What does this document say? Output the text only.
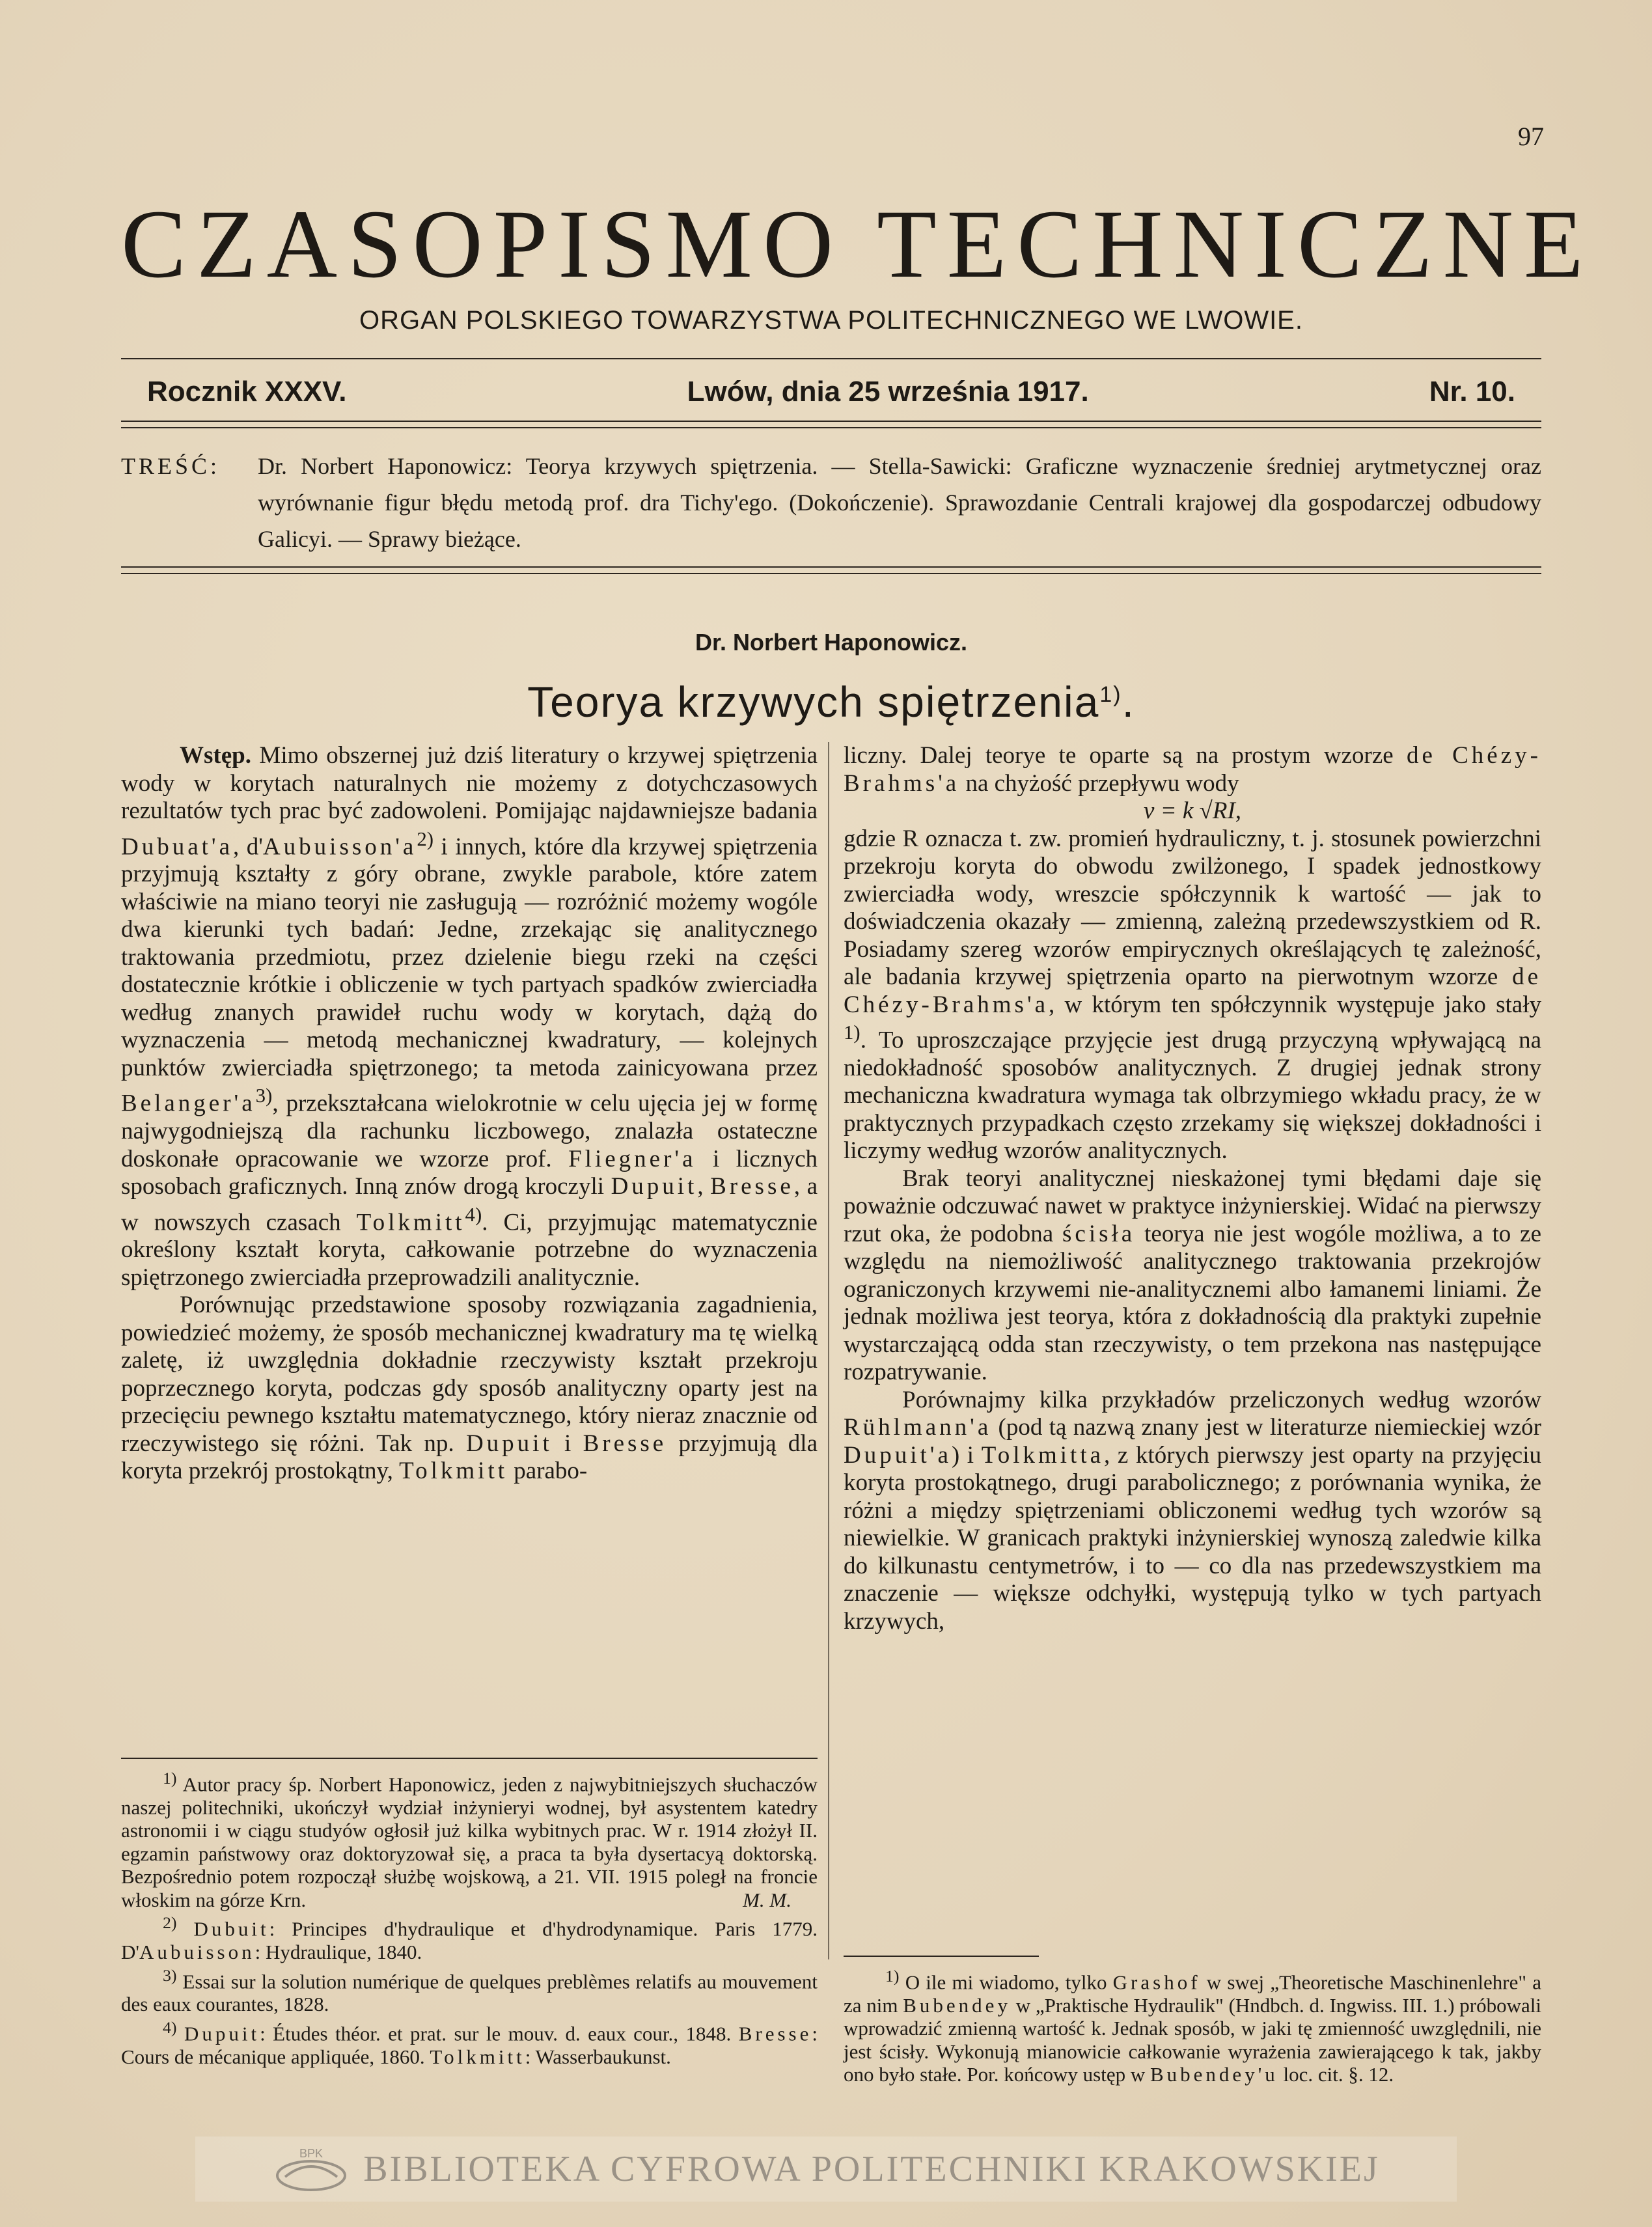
97
CZASOPISMO TECHNICZNE
ORGAN POLSKIEGO TOWARZYSTWA POLITECHNICZNEGO WE LWOWIE.
Rocznik XXXV.	Lwów, dnia 25 września 1917.	Nr. 10.
TREŚĆ: Dr. Norbert Haponowicz: Teorya krzywych spiętrzenia. — Stella-Sawicki: Graficzne wyznaczenie średniej arytmetycznej oraz wyrównanie figur błędu metodą prof. dra Tichy'ego. (Dokończenie). Sprawozdanie Centrali krajowej dla gospodarczej odbudowy Galicyi. — Sprawy bieżące.
Dr. Norbert Haponowicz.
Teorya krzywych spiętrzenia$^{1)}$.

Wstęp. Mimo obszernej już dziś literatury o krzywej spiętrzenia wody w korytach naturalnych nie możemy z dotychczasowych rezultatów tych prac być zadowoleni. Pomijając najdawniejsze badania Dubuat'a, $d'Aubuisson'a^{2)}$ i innych, które dla krzywej spiętrzenia przyjmują kształty z góry obrane, zwykle parabole, które zatem właściwie na miano teoryi nie zasługują — rozróżnić możemy wogóle dwa kierunki tych badań: Jedne, zrzekając się analitycznego traktowania przedmiotu, przez dzielenie biegu rzeki na części dostatecznie krótkie i obliczenie w tych partyach spadków zwierciadła według znanych prawideł ruchu wody w korytach, dążą do wyznaczenia — metodą mechanicznej kwadratury, — kolejnych punktów zwierciadła spiętrzonego; ta metoda zainicyowana przez $Belanger'a^{3)}$, przekształcana wielokrotnie w celu ujęcia jej w formę najwygodniejszą dla rachunku liczbowego, znalazła ostateczne doskonałe opracowanie we wzorze prof. Fliegner'a i licznych sposobach graficznych. Inną znów drogą kroczyli Dupuit, Bresse, a w nowszych czasach Tolkmitt$^{4)}$. Ci, przyjmując matematycznie określony kształt koryta, całkowanie potrzebne do wyznaczenia spiętrzonego zwierciadła przeprowadzili analitycznie.

Porównując przedstawione sposoby rozwiązania zagadnienia, powiedzieć możemy, że sposób mechanicznej kwadratury ma tę wielką zaletę, iż uwzględnia dokładnie rzeczywisty kształt przekroju poprzecznego koryta, podczas gdy sposób analityczny oparty jest na przecięciu pewnego kształtu matematycznego, który nieraz znacznie od rzeczywistego się różni. Tak np. Dupuit i Bresse przyjmują dla koryta przekrój prostokątny, Tolkmitt parabo-

liczny. Dalej teorye te oparte są na prostym wzorze de Chézy-Brahms'a na chyżość przepływu wody

v = k √RI,

gdzie R oznacza t. zw. promień hydrauliczny, t. j. stosunek powierzchni przekroju koryta do obwodu zwilżonego, I spadek jednostkowy zwierciadła wody, wreszcie spółczynnik k wartość — jak to doświadczenia okazały — zmienną, zależną przedewszystkiem od R. Posiadamy szereg wzorów empirycznych określających tę zależność, ale badania krzywej spiętrzenia oparto na pierwotnym wzorze de Chézy-Brahms'a, w którym ten spółczynnik występuje jako stały $^{1)}$. To uproszczające przyjęcie jest drugą przyczyną wpływającą na niedokładność sposobów analitycznych. Z drugiej jednak strony mechaniczna kwadratura wymaga tak olbrzymiego wkładu pracy, że w praktycznych przypadkach często zrzekamy się większej dokładności i liczymy według wzorów analitycznych.

Brak teoryi analitycznej nieskażonej tymi błędami daje się poważnie odczuwać nawet w praktyce inżynierskiej. Widać na pierwszy rzut oka, że podobna ścisła teorya nie jest wogóle możliwa, a to ze względu na niemożliwość analitycznego traktowania przekrojów ograniczonych krzywemi nie-analitycznemi albo łamanemi liniami. Że jednak możliwa jest teorya, która z dokładnością dla praktyki zupełnie wystarczającą odda stan rzeczywisty, o tem przekona nas następujące rozpatrywanie.

Porównajmy kilka przykładów przeliczonych według wzorów Rühlmann'a (pod tą nazwą znany jest w literaturze niemieckiej wzór Dupuit'a) i Tolkmitta, z których pierwszy jest oparty na przyjęciu koryta prostokątnego, drugi parabolicznego; z porównania wynika, że różni a między spiętrzeniami obliczonemi według tych wzorów są niewielkie. W granicach praktyki inżynierskiej wynoszą zaledwie kilka do kilkunastu centymetrów, i to — co dla nas przedewszystkiem ma znaczenie — większe odchyłki, występują tylko w tych partyach krzywych,

$^{1)}$ Autor pracy śp. Norbert Haponowicz, jeden z najwybitniejszych słuchaczów naszej politechniki, ukończył wydział inżynieryi wodnej, był asystentem katedry astronomii i w ciągu studyów ogłosił już kilka wybitnych prac. W r. 1914 złożył II. egzamin państwowy oraz doktoryzował się, a praca ta była dysertacyą doktorską. Bezpośrednio potem rozpoczął służbę wojskową, a 21. VII. 1915 poległ na froncie włoskim na górze Krn.	M. M.

$^{2)}$ Dubuit: Principes d'hydraulique et d'hydrodynamique. Paris 1779. D'Aubuisson: Hydraulique, 1840.

$^{3)}$ Essai sur la solution numérique de quelques preblèmes relatifs au mouvement des eaux courantes, 1828.

$^{4)}$ Dupuit: Études théor. et prat. sur le mouv. d. eaux cour., 1848. Bresse: Cours de mécanique appliquée, 1860. Tolkmitt: Wasserbaukunst.

$^{1)}$ O ile mi wiadomo, tylko Grashof w swej „Theoretische Maschinenlehre" a za nim Bubendey w „Praktische Hydraulik" (Hndbch. d. Ingwiss. III. 1.) próbowali wprowadzić zmienną wartość k. Jednak sposób, w jaki tę zmienność uwzględnili, nie jest ścisły. Wykonują mianowicie całkowanie wyrażenia zawierającego k tak, jakby ono było stałe. Por. końcowy ustęp w Bubendey'u loc. cit. §. 12.

BPK BIBLIOTEKA CYFROWA POLITECHNIKI KRAKOWSKIEJ
